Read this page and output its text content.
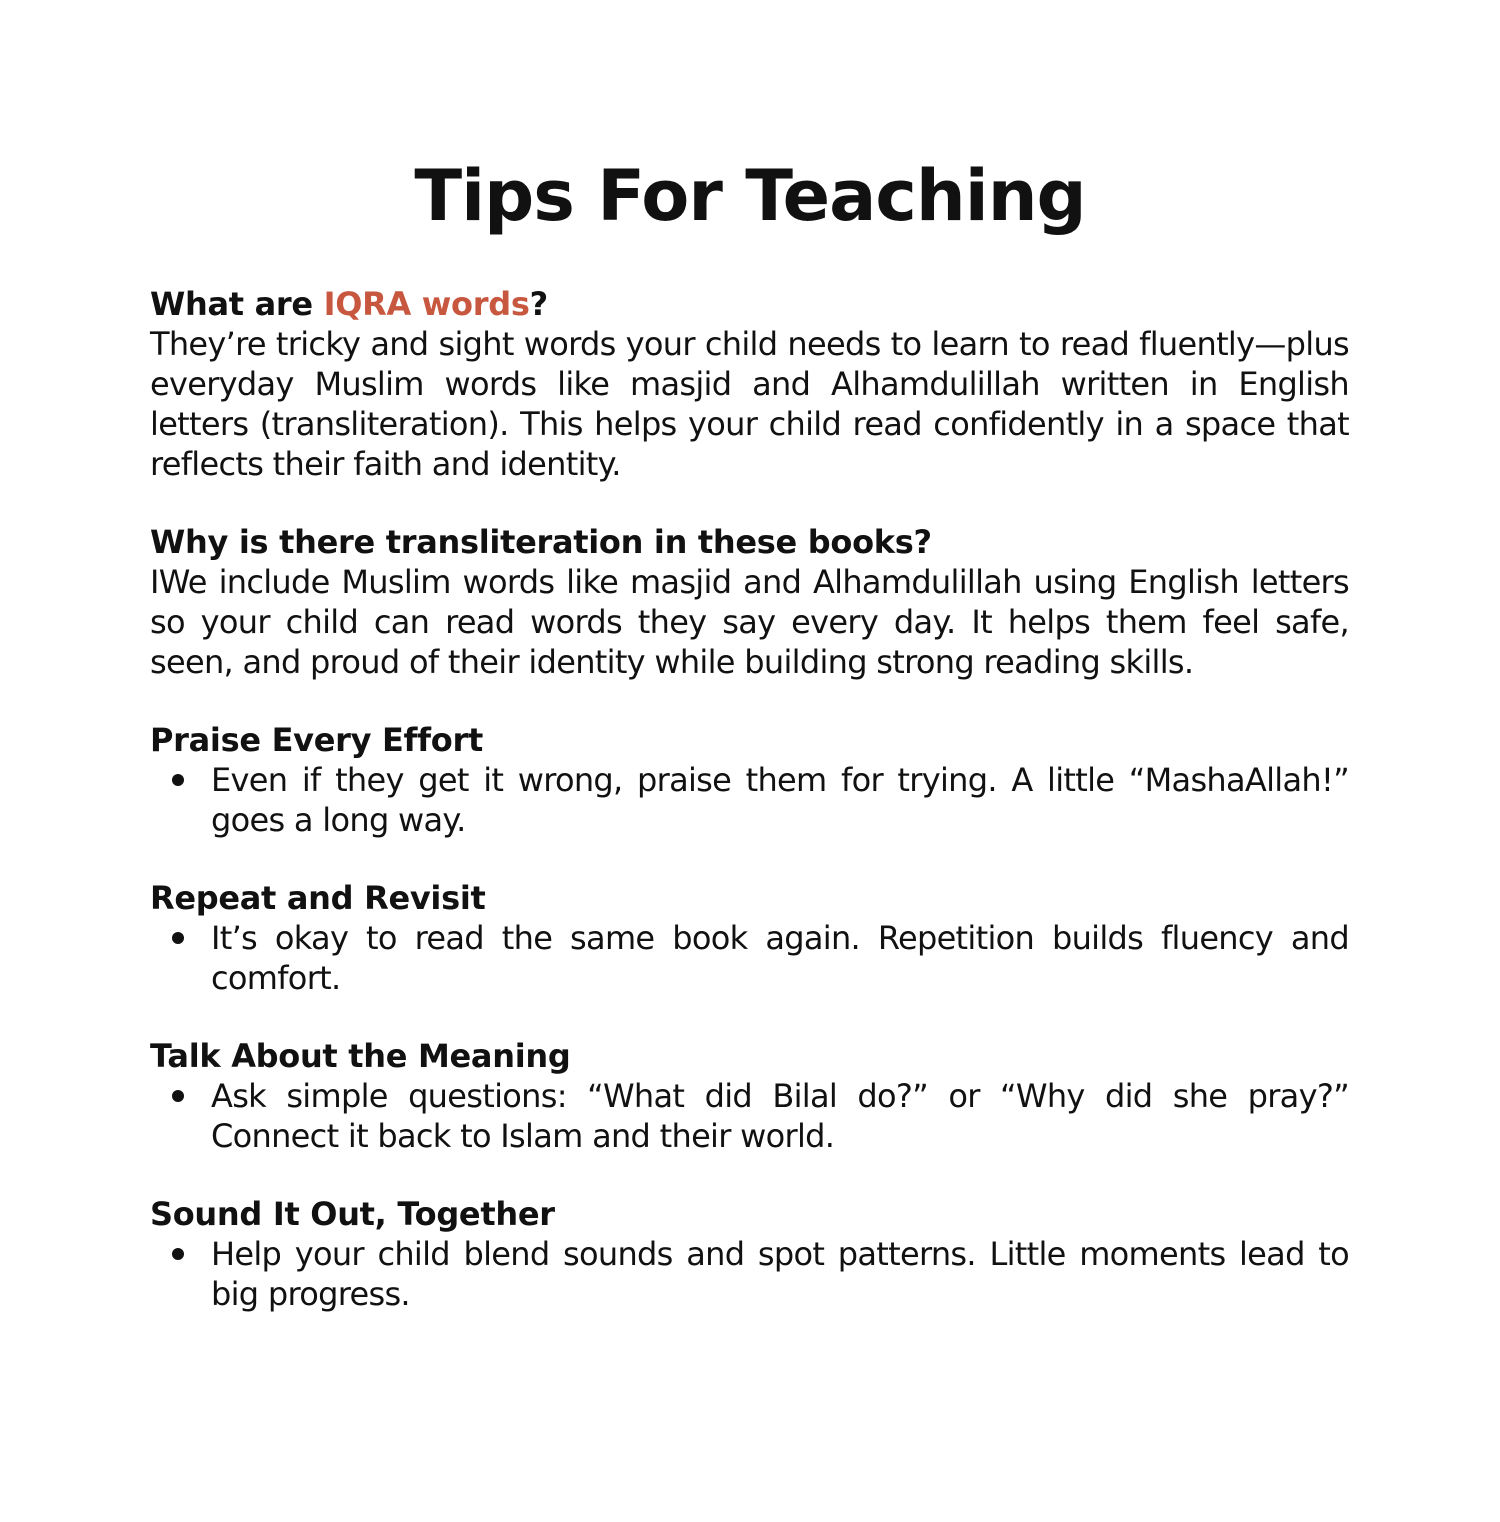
Tips For Teaching

What are IQRA words?

They’re tricky and sight words your child needs to learn to read fluently—plus everyday Muslim words like masjid and Alhamdulillah written in English letters (transliteration). This helps your child read confidently in a space that reflects their faith and identity.

Why is there transliteration in these books?

IWe include Muslim words like masjid and Alhamdulillah using English letters so your child can read words they say every day. It helps them feel safe, seen, and proud of their identity while building strong reading skills.

Praise Every Effort

Even if they get it wrong, praise them for trying. A little “MashaAllah!” goes a long way.

Repeat and Revisit

It’s okay to read the same book again. Repetition builds fluency and comfort.

Talk About the Meaning

Ask simple questions: “What did Bilal do?” or “Why did she pray?” Connect it back to Islam and their world.

Sound It Out, Together

Help your child blend sounds and spot patterns. Little moments lead to big progress.
